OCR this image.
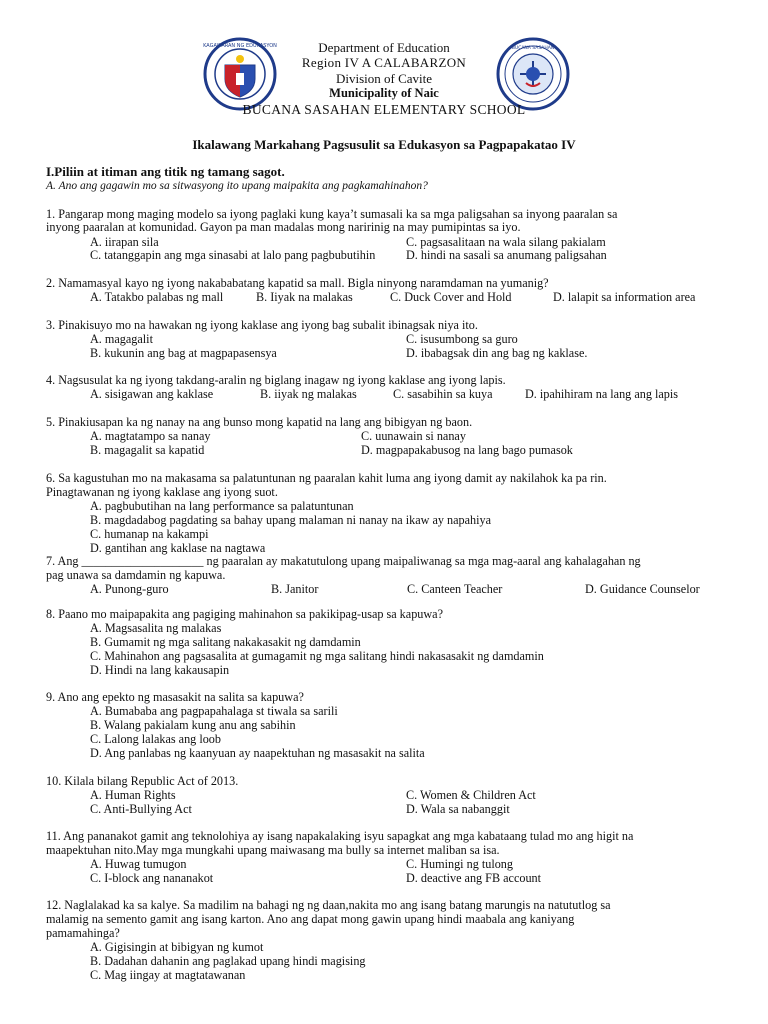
KAGAWARAN NG EDUKASYON	BUCANA SASAHAN
Department of Education
Region IV A CALABARZON
Division of Cavite
Municipality of Naic
BUCANA SASAHAN ELEMENTARY SCHOOL
Ikalawang Markahang Pagsusulit sa Edukasyon sa Pagpapakatao IV
I.Piliin at itiman ang titik ng tamang sagot.
A. Ano ang gagawin mo sa sitwasyong ito upang maipakita ang pagkamahinahon?
1. Pangarap mong maging modelo sa iyong paglaki kung kaya’t sumasali ka sa mga paligsahan sa inyong paaralan sa
inyong paaralan at komunidad. Gayon pa man madalas mong naririnig na may pumipintas sa iyo.
A. iirapan sila	C. pagsasalitaan na wala silang pakialam
C. tatanggapin ang mga sinasabi at lalo pang pagbubutihin	D. hindi na sasali sa anumang paligsahan
2. Namamasyal kayo ng iyong nakababatang kapatid sa mall. Bigla ninyong naramdaman na yumanig?
A. Tatakbo palabas ng mall	B. Iiyak na malakas	C. Duck Cover and Hold	D. lalapit sa information area
3. Pinakisuyo mo na hawakan ng iyong kaklase ang iyong bag subalit ibinagsak niya ito.
A. magagalit	C. isusumbong sa guro
B. kukunin ang bag at magpapasensya	D. ibabagsak din ang bag ng kaklase.
4. Nagsusulat ka ng iyong takdang-aralin ng biglang inagaw ng iyong kaklase ang iyong lapis.
A. sisigawan ang kaklase	B. iiyak ng malakas	C. sasabihin sa kuya	D. ipahihiram na lang ang lapis
5. Pinakiusapan ka ng nanay na ang bunso mong kapatid na lang ang bibigyan ng baon.
A. magtatampo sa nanay	C. uunawain si nanay
B. magagalit sa kapatid	D. magpapakabusog na lang bago pumasok
6. Sa kagustuhan mo na makasama sa palatuntunan ng paaralan kahit luma ang iyong damit ay nakilahok ka pa rin.
Pinagtawanan ng iyong kaklase ang iyong suot.
A. pagbubutihan na lang performance sa palatuntunan
B. magdadabog pagdating sa bahay upang malaman ni nanay na ikaw ay napahiya
C. humanap na kakampi
D. gantihan ang kaklase na nagtawa
7. Ang ____________________ ng paaralan ay makatutulong upang maipaliwanag sa mga mag-aaral ang kahalagahan ng
pag unawa sa damdamin ng kapuwa.
A. Punong-guro	B. Janitor	C. Canteen Teacher	D. Guidance Counselor
8. Paano mo maipapakita ang pagiging mahinahon sa pakikipag-usap sa kapuwa?
A. Magsasalita ng malakas
B. Gumamit ng mga salitang nakakasakit ng damdamin
C. Mahinahon ang pagsasalita at gumagamit ng mga salitang hindi nakasasakit ng damdamin
D. Hindi na lang kakausapin
9. Ano ang epekto ng masasakit na salita sa kapuwa?
A. Bumababa ang pagpapahalaga st tiwala sa sarili
B. Walang pakialam kung anu ang sabihin
C. Lalong lalakas ang loob
D. Ang panlabas ng kaanyuan ay naapektuhan ng masasakit na salita
10. Kilala bilang Republic Act of 2013.
A. Human Rights	C. Women & Children Act
C. Anti-Bullying Act	D. Wala sa nabanggit
11. Ang pananakot gamit ang teknolohiya ay isang napakalaking isyu sapagkat ang mga kabataang tulad mo ang higit na
maapektuhan nito.May mga mungkahi upang maiwasang ma bully sa internet maliban sa isa.
A. Huwag tumugon	C. Humingi ng tulong
C. I-block ang nananakot	D. deactive ang FB account
12. Naglalakad ka sa kalye. Sa madilim na bahagi ng ng daan,nakita mo ang isang batang marungis na natututlog sa
malamig na semento gamit ang isang karton. Ano ang dapat mong gawin upang hindi maabala ang kaniyang
pamamahinga?
A. Gigisingin at bibigyan ng kumot
B. Dadahan dahanin ang paglakad upang hindi magising
C. Mag iingay at magtatawanan
